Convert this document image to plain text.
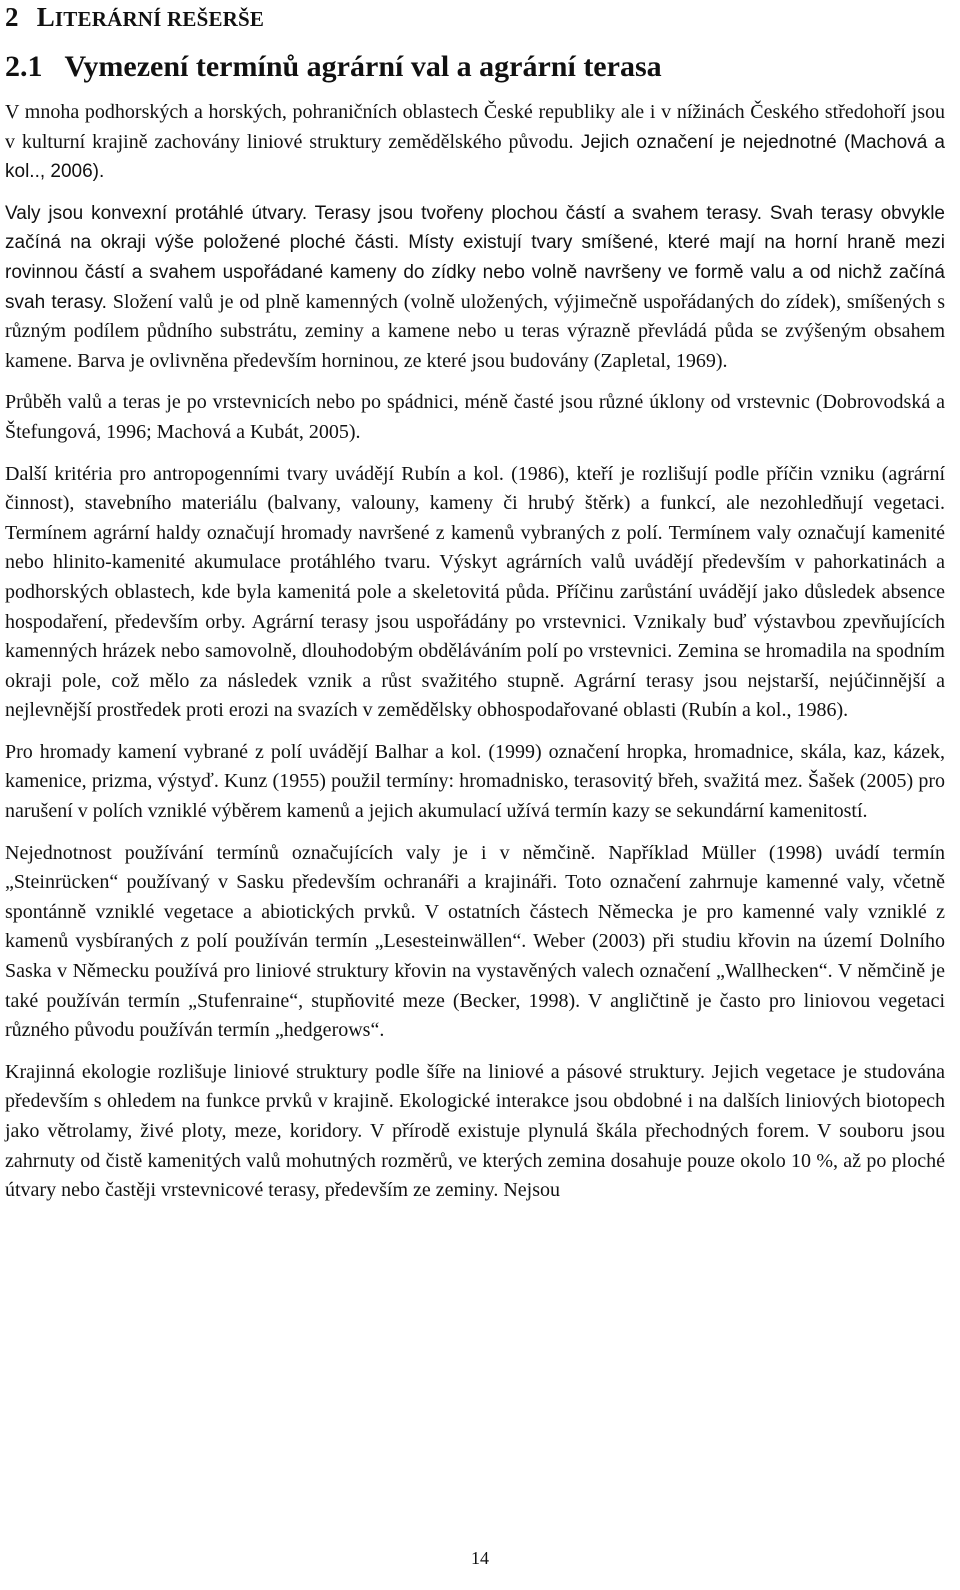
2 LITERÁRNÍ REŠERŠE
2.1 Vymezení termínů agrární val a agrární terasa

V mnoha podhorských a horských, pohraničních oblastech České republiky ale i v nížinách Českého středohoří jsou v kulturní krajině zachovány liniové struktury zemědělského původu. Jejich označení je nejednotné (Machová a kol.., 2006).

Valy jsou konvexní protáhlé útvary. Terasy jsou tvořeny plochou částí a svahem terasy. Svah terasy obvykle začíná na okraji výše položené ploché části. Místy existují tvary smíšené, které mají na horní hraně mezi rovinnou částí a svahem uspořádané kameny do zídky nebo volně navršeny ve formě valu a od nichž začíná svah terasy. Složení valů je od plně kamenných (volně uložených, výjimečně uspořádaných do zídek), smíšených s různým podílem půdního substrátu, zeminy a kamene nebo u teras výrazně převládá půda se zvýšeným obsahem kamene. Barva je ovlivněna především horninou, ze které jsou budovány (Zapletal, 1969).

Průběh valů a teras je po vrstevnicích nebo po spádnici, méně časté jsou různé úklony od vrstevnic (Dobrovodská a Štefungová, 1996; Machová a Kubát, 2005).

Další kritéria pro antropogenními tvary uvádějí Rubín a kol. (1986), kteří je rozlišují podle příčin vzniku (agrární činnost), stavebního materiálu (balvany, valouny, kameny či hrubý štěrk) a funkcí, ale nezohledňují vegetaci. Termínem agrární haldy označují hromady navršené z kamenů vybraných z polí. Termínem valy označují kamenité nebo hlinito-kamenité akumulace protáhlého tvaru. Výskyt agrárních valů uvádějí především v pahorkatinách a podhorských oblastech, kde byla kamenitá pole a skeletovitá půda. Příčinu zarůstání uvádějí jako důsledek absence hospodaření, především orby. Agrární terasy jsou uspořádány po vrstevnici. Vznikaly buď výstavbou zpevňujících kamenných hrázek nebo samovolně, dlouhodobým obděláváním polí po vrstevnici. Zemina se hromadila na spodním okraji pole, což mělo za následek vznik a růst svažitého stupně. Agrární terasy jsou nejstarší, nejúčinnější a nejlevnější prostředek proti erozi na svazích v zemědělsky obhospodařované oblasti (Rubín a kol., 1986).

Pro hromady kamení vybrané z polí uvádějí Balhar a kol. (1999) označení hropka, hromadnice, skála, kaz, kázek, kamenice, prizma, výstyď. Kunz (1955) použil termíny: hromadnisko, terasovitý břeh, svažitá mez. Šašek (2005) pro narušení v polích vzniklé výběrem kamenů a jejich akumulací užívá termín kazy se sekundární kamenitostí.

Nejednotnost používání termínů označujících valy je i v němčině. Například Müller (1998) uvádí termín „Steinrücken“ používaný v Sasku především ochranáři a krajináři. Toto označení zahrnuje kamenné valy, včetně spontánně vzniklé vegetace a abiotických prvků. V ostatních částech Německa je pro kamenné valy vzniklé z kamenů vysbíraných z polí používán termín „Lesesteinwällen“. Weber (2003) při studiu křovin na území Dolního Saska v Německu používá pro liniové struktury křovin na vystavěných valech označení „Wallhecken“. V němčině je také používán termín „Stufenraine“, stupňovité meze (Becker, 1998). V angličtině je často pro liniovou vegetaci různého původu používán termín „hedgerows“.

Krajinná ekologie rozlišuje liniové struktury podle šíře na liniové a pásové struktury. Jejich vegetace je studována především s ohledem na funkce prvků v krajině. Ekologické interakce jsou obdobné i na dalších liniových biotopech jako větrolamy, živé ploty, meze, koridory. V přírodě existuje plynulá škála přechodných forem. V souboru jsou zahrnuty od čistě kamenitých valů mohutných rozměrů, ve kterých zemina dosahuje pouze okolo 10 %, až po ploché útvary nebo častěji vrstevnicové terasy, především ze zeminy. Nejsou

14
